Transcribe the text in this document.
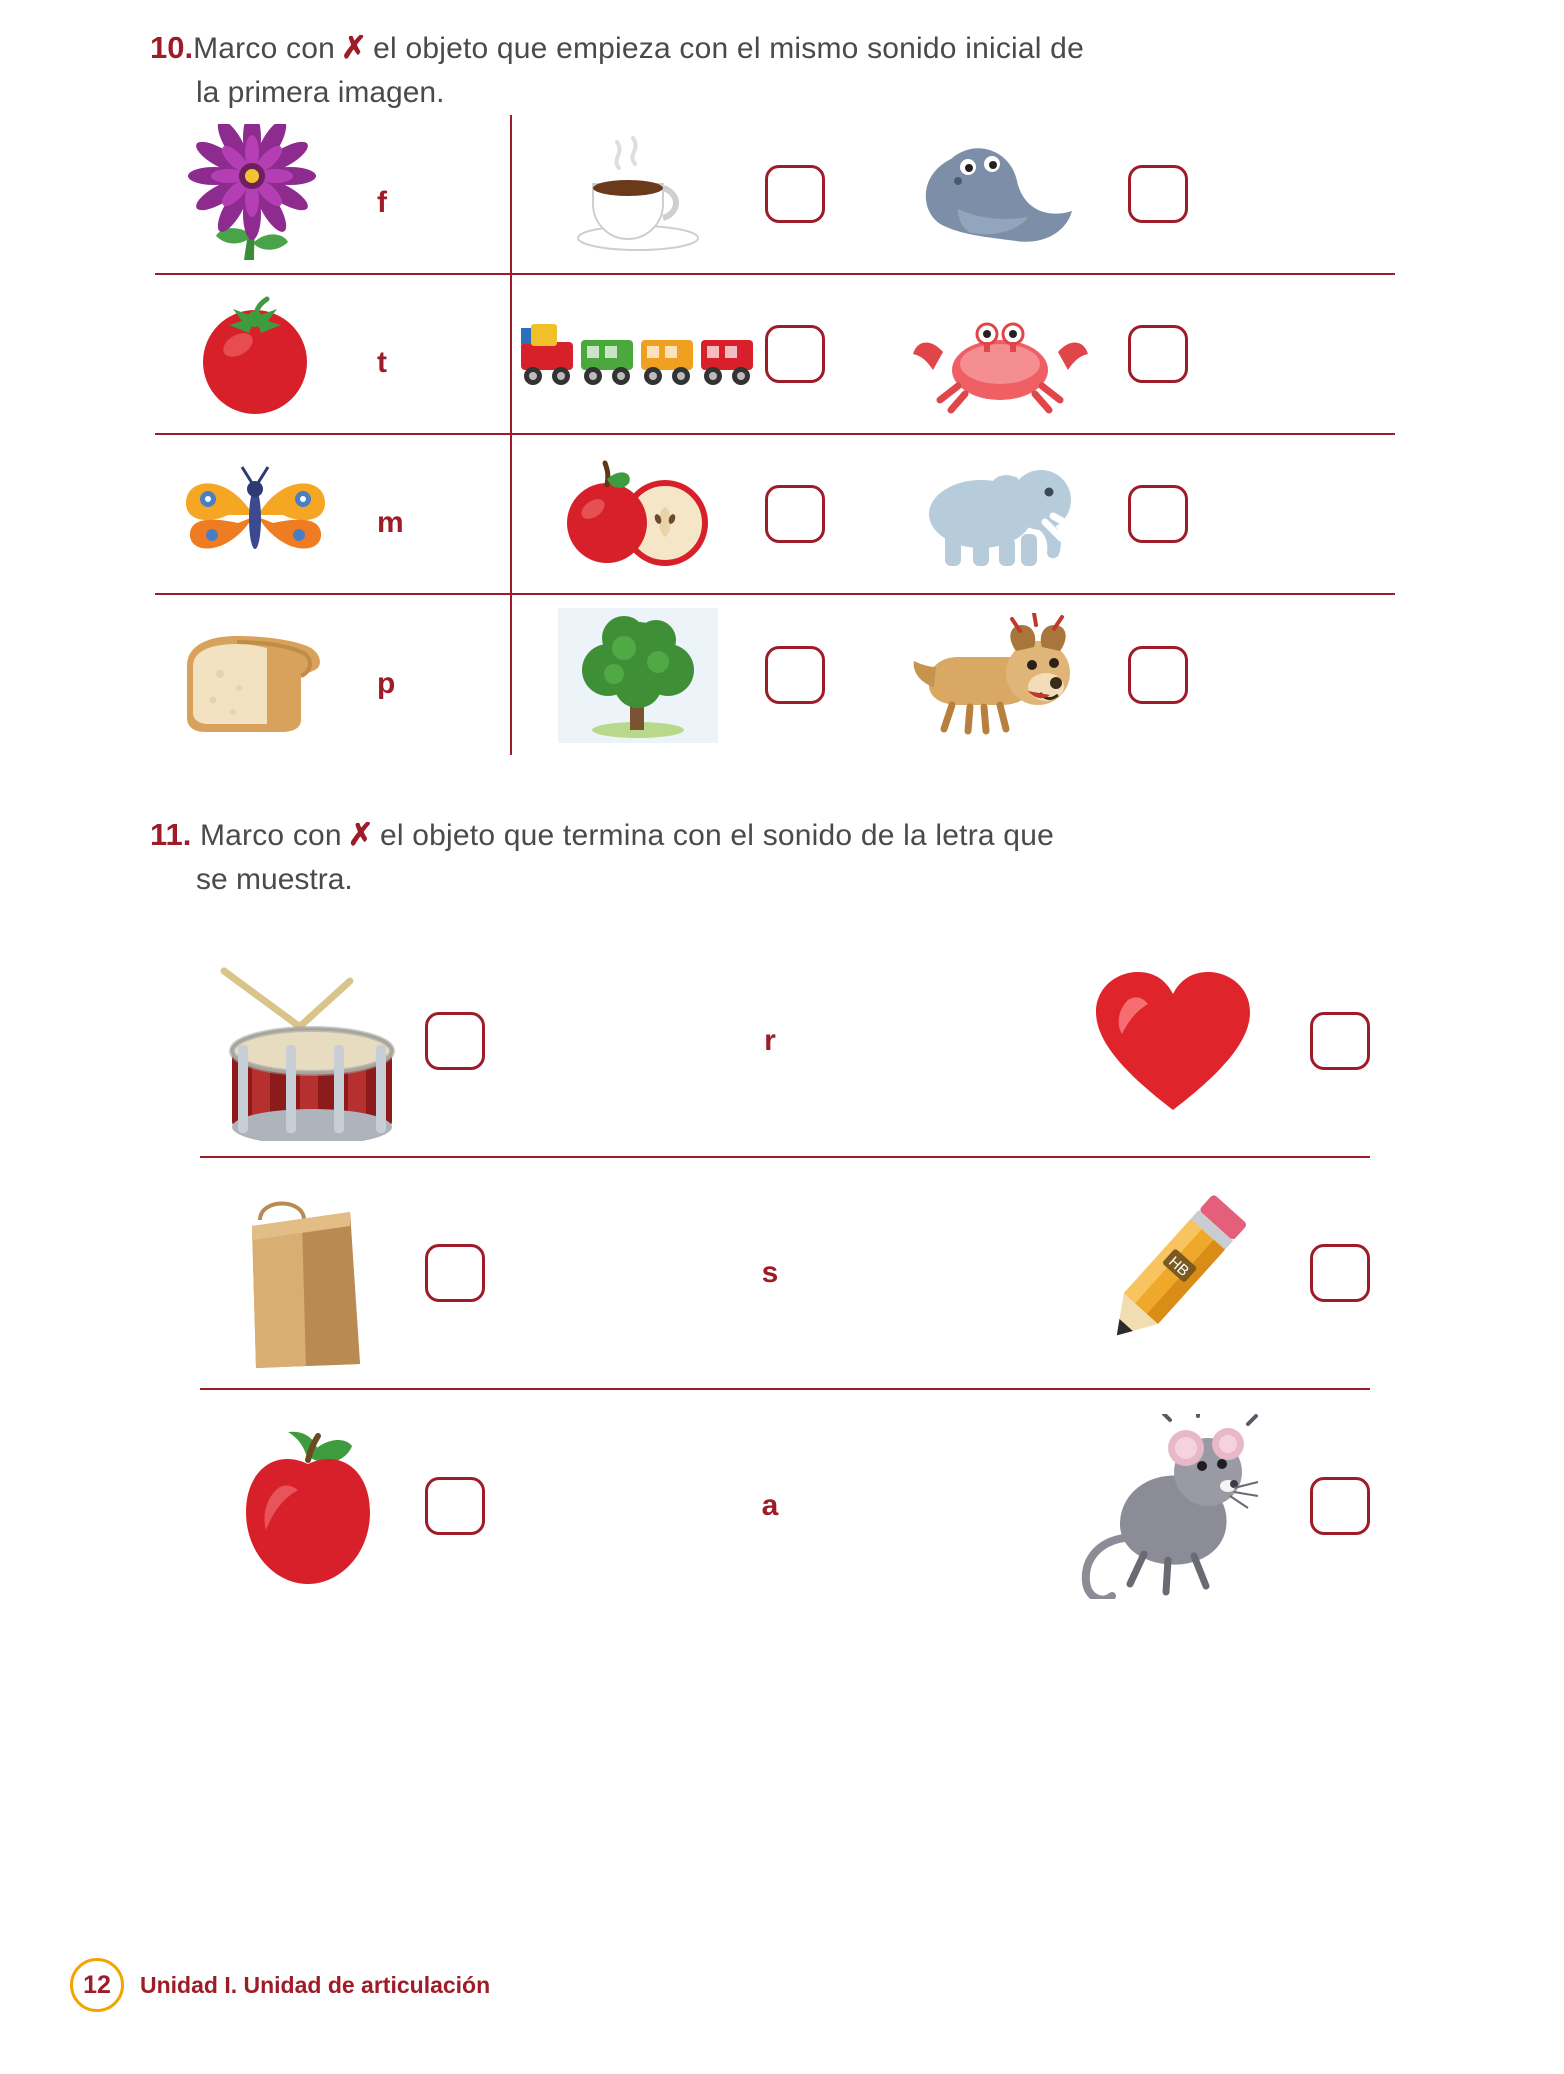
10. Marco con ✗ el objeto que empieza con el mismo sonido inicial de
la primera imagen.
f
t
m
p
11. Marco con ✗ el objeto que termina con el sonido de la letra que
se muestra.
r
s	HB
a
12	Unidad I. Unidad de articulación
